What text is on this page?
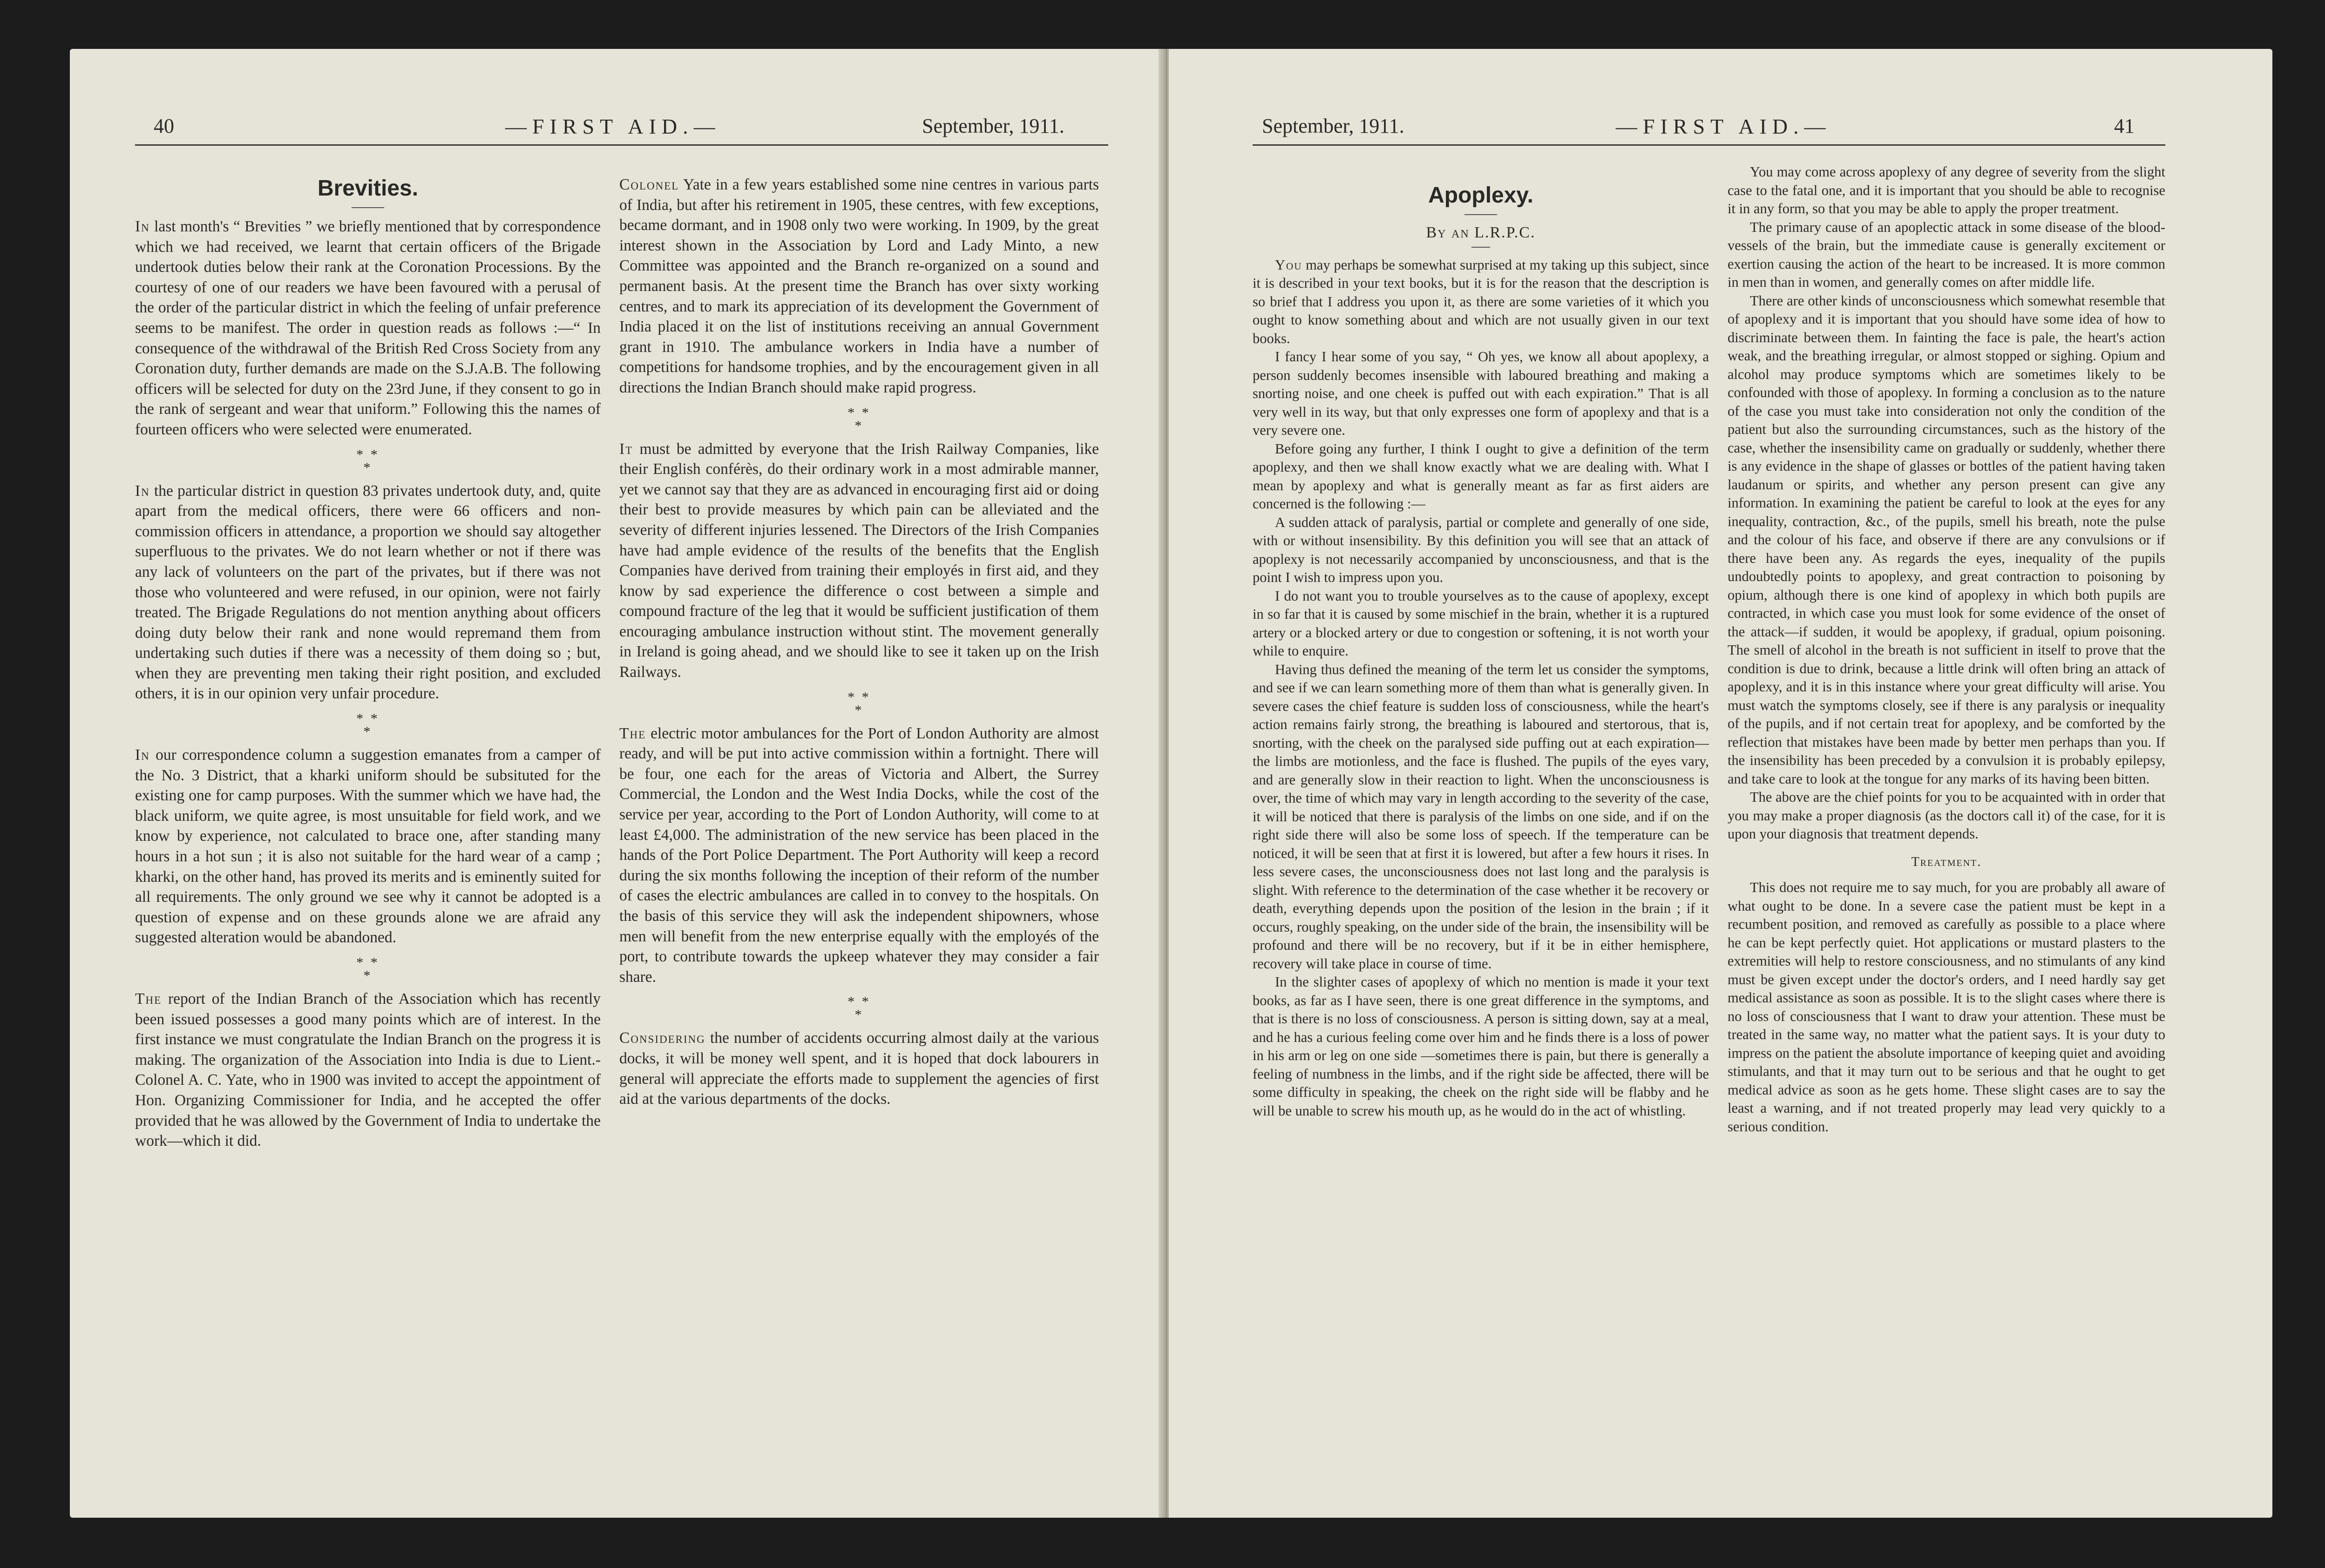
40	—FIRST AID.—	September, 1911.
Brevities.

In last month's “ Brevities ” we briefly mentioned that by correspondence which we had received, we learnt that certain officers of the Brigade undertook duties below their rank at the Coronation Processions. By the courtesy of one of our readers we have been favoured with a perusal of the order of the particular district in which the feeling of unfair preference seems to be manifest. The order in question reads as follows :—“ In consequence of the withdrawal of the British Red Cross Society from any Coronation duty, further demands are made on the S.J.A.B. The following officers will be selected for duty on the 23rd June, if they consent to go in the rank of sergeant and wear that uniform.” Following this the names of fourteen officers who were selected were enumerated.

* *
*

In the particular district in question 83 privates undertook duty, and, quite apart from the medical officers, there were 66 officers and non-commission officers in attendance, a proportion we should say altogether superfluous to the privates. We do not learn whether or not if there was any lack of volunteers on the part of the privates, but if there was not those who volunteered and were refused, in our opinion, were not fairly treated. The Brigade Regulations do not mention anything about officers doing duty below their rank and none would repremand them from undertaking such duties if there was a necessity of them doing so ; but, when they are preventing men taking their right position, and excluded others, it is in our opinion very unfair procedure.

* *
*

In our correspondence column a suggestion emanates from a camper of the No. 3 District, that a kharki uniform should be subsituted for the existing one for camp purposes. With the summer which we have had, the black uniform, we quite agree, is most unsuitable for field work, and we know by experience, not calculated to brace one, after standing many hours in a hot sun ; it is also not suitable for the hard wear of a camp ; kharki, on the other hand, has proved its merits and is eminently suited for all requirements. The only ground we see why it cannot be adopted is a question of expense and on these grounds alone we are afraid any suggested alteration would be abandoned.

* *
*

The report of the Indian Branch of the Association which has recently been issued possesses a good many points which are of interest. In the first instance we must congratulate the Indian Branch on the progress it is making. The organization of the Association into India is due to Lient.-Colonel A. C. Yate, who in 1900 was invited to accept the appointment of Hon. Organizing Commissioner for India, and he accepted the offer provided that he was allowed by the Government of India to undertake the work—which it did.

Colonel Yate in a few years established some nine centres in various parts of India, but after his retirement in 1905, these centres, with few exceptions, became dormant, and in 1908 only two were working. In 1909, by the great interest shown in the Association by Lord and Lady Minto, a new Committee was appointed and the Branch re-organized on a sound and permanent basis. At the present time the Branch has over sixty working centres, and to mark its appreciation of its development the Government of India placed it on the list of institutions receiving an annual Government grant in 1910. The ambulance workers in India have a number of competitions for handsome trophies, and by the encouragement given in all directions the Indian Branch should make rapid progress.

* *
*

It must be admitted by everyone that the Irish Railway Companies, like their English conférès, do their ordinary work in a most admirable manner, yet we cannot say that they are as advanced in encouraging first aid or doing their best to provide measures by which pain can be alleviated and the severity of different injuries lessened. The Directors of the Irish Companies have had ample evidence of the results of the benefits that the English Companies have derived from training their employés in first aid, and they know by sad experience the difference o cost between a simple and compound fracture of the leg that it would be sufficient justification of them encouraging ambulance instruction without stint. The movement generally in Ireland is going ahead, and we should like to see it taken up on the Irish Railways.

* *
*

The electric motor ambulances for the Port of London Authority are almost ready, and will be put into active commission within a fortnight. There will be four, one each for the areas of Victoria and Albert, the Surrey Commercial, the London and the West India Docks, while the cost of the service per year, according to the Port of London Authority, will come to at least £4,000. The administration of the new service has been placed in the hands of the Port Police Department. The Port Authority will keep a record during the six months following the inception of their reform of the number of cases the electric ambulances are called in to convey to the hospitals. On the basis of this service they will ask the independent shipowners, whose men will benefit from the new enterprise equally with the employés of the port, to contribute towards the upkeep whatever they may consider a fair share.

* *
*

Considering the number of accidents occurring almost daily at the various docks, it will be money well spent, and it is hoped that dock labourers in general will appreciate the efforts made to supplement the agencies of first aid at the various departments of the docks.

September, 1911.	—FIRST AID.—	41
Apoplexy.
By an L.R.P.C.

You may perhaps be somewhat surprised at my taking up this subject, since it is described in your text books, but it is for the reason that the description is so brief that I address you upon it, as there are some varieties of it which you ought to know something about and which are not usually given in our text books.

I fancy I hear some of you say, “ Oh yes, we know all about apoplexy, a person suddenly becomes insensible with laboured breathing and making a snorting noise, and one cheek is puffed out with each expiration.” That is all very well in its way, but that only expresses one form of apoplexy and that is a very severe one.

Before going any further, I think I ought to give a definition of the term apoplexy, and then we shall know exactly what we are dealing with. What I mean by apoplexy and what is generally meant as far as first aiders are concerned is the following :—

A sudden attack of paralysis, partial or complete and generally of one side, with or without insensibility. By this definition you will see that an attack of apoplexy is not necessarily accompanied by unconsciousness, and that is the point I wish to impress upon you.

I do not want you to trouble yourselves as to the cause of apoplexy, except in so far that it is caused by some mischief in the brain, whether it is a ruptured artery or a blocked artery or due to congestion or softening, it is not worth your while to enquire.

Having thus defined the meaning of the term let us consider the symptoms, and see if we can learn something more of them than what is generally given. In severe cases the chief feature is sudden loss of consciousness, while the heart's action remains fairly strong, the breathing is laboured and stertorous, that is, snorting, with the cheek on the paralysed side puffing out at each expiration—the limbs are motionless, and the face is flushed. The pupils of the eyes vary, and are generally slow in their reaction to light. When the unconsciousness is over, the time of which may vary in length according to the severity of the case, it will be noticed that there is paralysis of the limbs on one side, and if on the right side there will also be some loss of speech. If the temperature can be noticed, it will be seen that at first it is lowered, but after a few hours it rises. In less severe cases, the unconsciousness does not last long and the paralysis is slight. With reference to the determination of the case whether it be recovery or death, everything depends upon the position of the lesion in the brain ; if it occurs, roughly speaking, on the under side of the brain, the insensibility will be profound and there will be no recovery, but if it be in either hemisphere, recovery will take place in course of time.

In the slighter cases of apoplexy of which no mention is made it your text books, as far as I have seen, there is one great difference in the symptoms, and that is there is no loss of consciousness. A person is sitting down, say at a meal, and he has a curious feeling come over him and he finds there is a loss of power in his arm or leg on one side —sometimes there is pain, but there is generally a feeling of numbness in the limbs, and if the right side be affected, there will be some difficulty in speaking, the cheek on the right side will be flabby and he will be unable to screw his mouth up, as he would do in the act of whistling.

You may come across apoplexy of any degree of severity from the slight case to the fatal one, and it is important that you should be able to recognise it in any form, so that you may be able to apply the proper treatment.

The primary cause of an apoplectic attack in some disease of the blood-vessels of the brain, but the immediate cause is generally excitement or exertion causing the action of the heart to be increased. It is more common in men than in women, and generally comes on after middle life.

There are other kinds of unconsciousness which somewhat resemble that of apoplexy and it is important that you should have some idea of how to discriminate between them. In fainting the face is pale, the heart's action weak, and the breathing irregular, or almost stopped or sighing. Opium and alcohol may produce symptoms which are sometimes likely to be confounded with those of apoplexy. In forming a conclusion as to the nature of the case you must take into consideration not only the condition of the patient but also the surrounding circumstances, such as the history of the case, whether the insensibility came on gradually or suddenly, whether there is any evidence in the shape of glasses or bottles of the patient having taken laudanum or spirits, and whether any person present can give any information. In examining the patient be careful to look at the eyes for any inequality, contraction, &c., of the pupils, smell his breath, note the pulse and the colour of his face, and observe if there are any convulsions or if there have been any. As regards the eyes, inequality of the pupils undoubtedly points to apoplexy, and great contraction to poisoning by opium, although there is one kind of apoplexy in which both pupils are contracted, in which case you must look for some evidence of the onset of the attack—if sudden, it would be apoplexy, if gradual, opium poisoning. The smell of alcohol in the breath is not sufficient in itself to prove that the condition is due to drink, because a little drink will often bring an attack of apoplexy, and it is in this instance where your great difficulty will arise. You must watch the symptoms closely, see if there is any paralysis or inequality of the pupils, and if not certain treat for apoplexy, and be comforted by the reflection that mistakes have been made by better men perhaps than you. If the insensibility has been preceded by a convulsion it is probably epilepsy, and take care to look at the tongue for any marks of its having been bitten.

The above are the chief points for you to be acquainted with in order that you may make a proper diagnosis (as the doctors call it) of the case, for it is upon your diagnosis that treatment depends.

Treatment.

This does not require me to say much, for you are probably all aware of what ought to be done. In a severe case the patient must be kept in a recumbent position, and removed as carefully as possible to a place where he can be kept perfectly quiet. Hot applications or mustard plasters to the extremities will help to restore consciousness, and no stimulants of any kind must be given except under the doctor's orders, and I need hardly say get medical assistance as soon as possible. It is to the slight cases where there is no loss of consciousness that I want to draw your attention. These must be treated in the same way, no matter what the patient says. It is your duty to impress on the patient the absolute importance of keeping quiet and avoiding stimulants, and that it may turn out to be serious and that he ought to get medical advice as soon as he gets home. These slight cases are to say the least a warning, and if not treated properly may lead very quickly to a serious condition.
